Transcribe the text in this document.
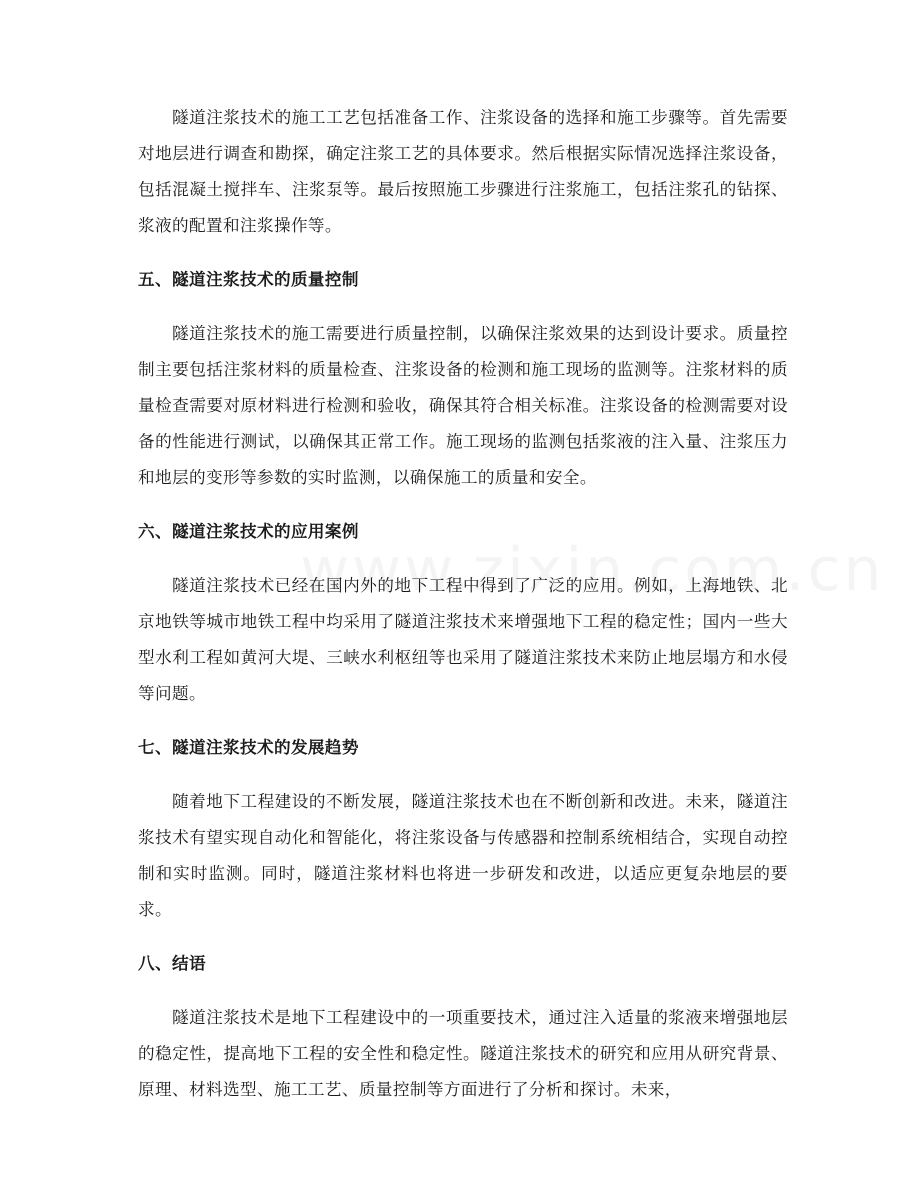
隧道注浆技术的施工工艺包括准备工作、注浆设备的选择和施工步骤等。首先需要对地层进行调查和勘探，确定注浆工艺的具体要求。然后根据实际情况选择注浆设备，包括混凝土搅拌车、注浆泵等。最后按照施工步骤进行注浆施工，包括注浆孔的钻探、浆液的配置和注浆操作等。

五、隧道注浆技术的质量控制

隧道注浆技术的施工需要进行质量控制，以确保注浆效果的达到设计要求。质量控制主要包括注浆材料的质量检查、注浆设备的检测和施工现场的监测等。注浆材料的质量检查需要对原材料进行检测和验收，确保其符合相关标准。注浆设备的检测需要对设备的性能进行测试，以确保其正常工作。施工现场的监测包括浆液的注入量、注浆压力和地层的变形等参数的实时监测，以确保施工的质量和安全。

六、隧道注浆技术的应用案例

隧道注浆技术已经在国内外的地下工程中得到了广泛的应用。例如，上海地铁、北京地铁等城市地铁工程中均采用了隧道注浆技术来增强地下工程的稳定性；国内一些大型水利工程如黄河大堤、三峡水利枢纽等也采用了隧道注浆技术来防止地层塌方和水侵等问题。

七、隧道注浆技术的发展趋势

随着地下工程建设的不断发展，隧道注浆技术也在不断创新和改进。未来，隧道注浆技术有望实现自动化和智能化，将注浆设备与传感器和控制系统相结合，实现自动控制和实时监测。同时，隧道注浆材料也将进一步研发和改进，以适应更复杂地层的要求。

八、结语

隧道注浆技术是地下工程建设中的一项重要技术，通过注入适量的浆液来增强地层的稳定性，提高地下工程的安全性和稳定性。隧道注浆技术的研究和应用从研究背景、原理、材料选型、施工工艺、质量控制等方面进行了分析和探讨。未来，
